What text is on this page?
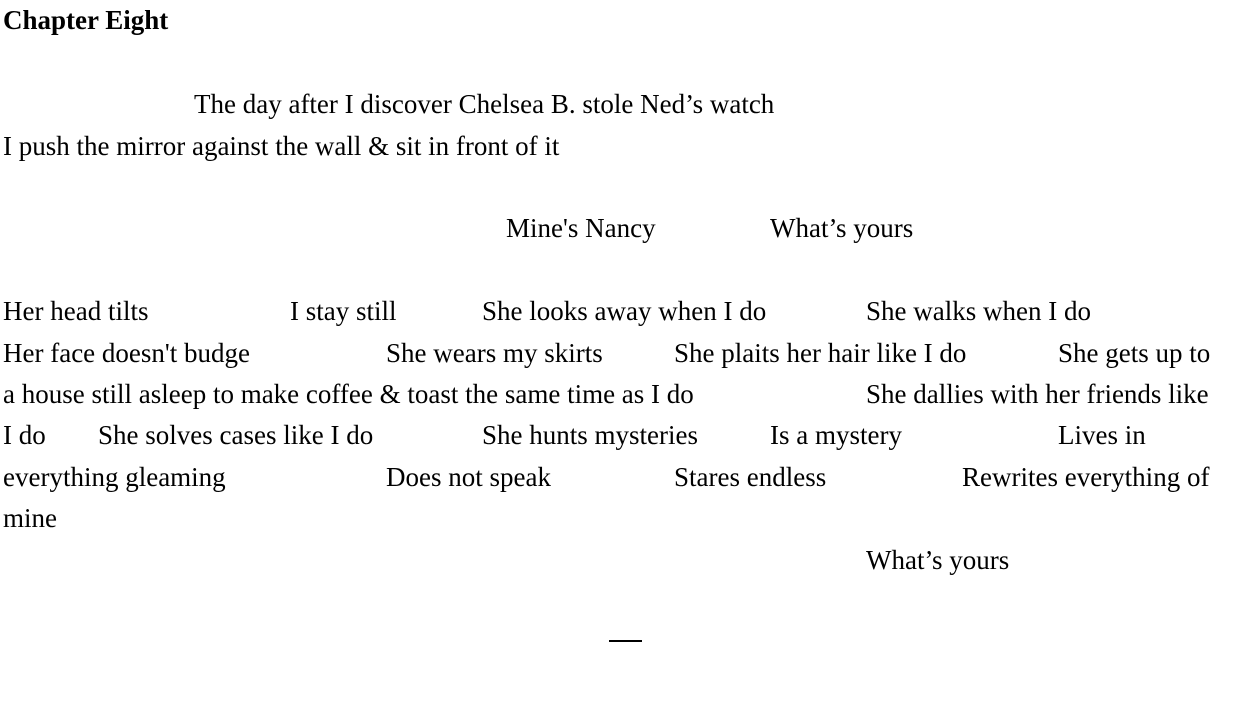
Chapter Eight
The day after I discover Chelsea B. stole Ned’s watch
I push the mirror against the wall & sit in front of it
Mine's Nancy	What’s yours
Her head tilts	I stay still	She looks away when I do	She walks when I do
Her face doesn't budge	She wears my skirts	She plaits her hair like I do	She gets up to
a house still asleep to make coffee & toast the same time as I do	She dallies with her friends like
I do She solves cases like I do	She hunts mysteries	Is a mystery	Lives in
everything gleaming	Does not speak	Stares endless	Rewrites everything of
mine
What’s yours
